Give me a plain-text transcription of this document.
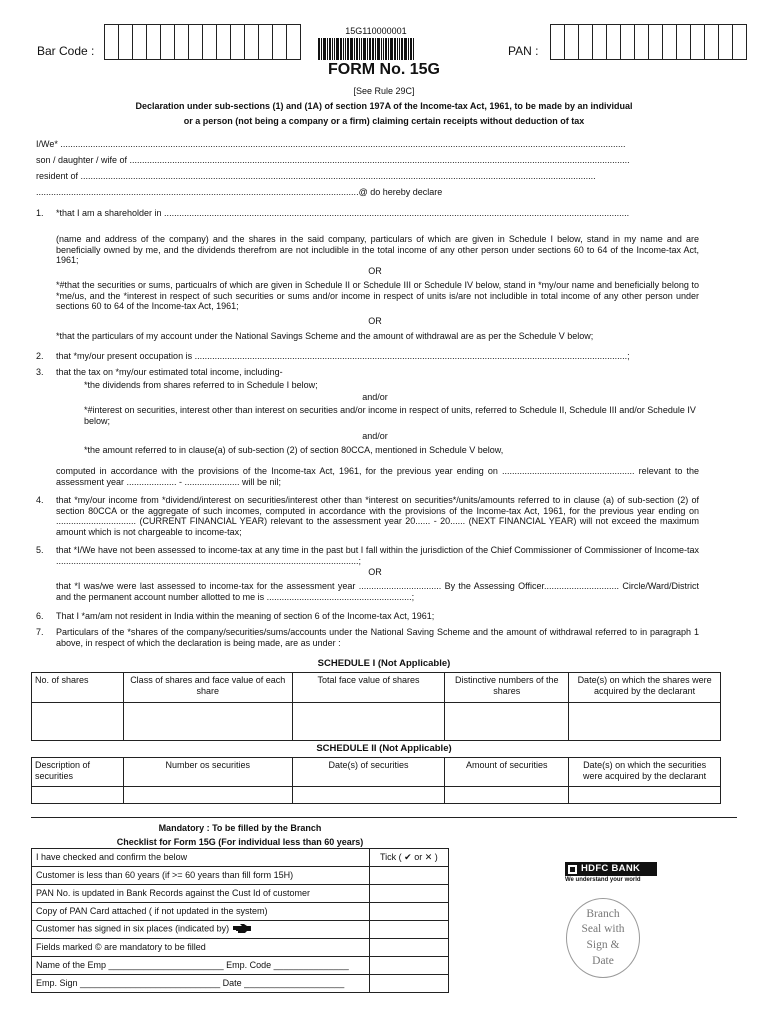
Bar Code :
15G110000001
PAN :
FORM No. 15G
[See Rule 29C]
Declaration under sub-sections (1) and (1A) of section 197A of the Income-tax Act, 1961, to be made by an individual
or a person (not being a company or a firm) claiming certain receipts without deduction of tax
I/We* ..................................................................................................................................................................................................................................
son / daughter / wife of ........................................................................................................................................................................................................
resident of ..............................................................................................................................................................................................................
.................................................................................................................................@ do hereby declare
1. *that I am a shareholder in ..........................................................................................................................................................................................
(name and address of the company) and the shares in the said company, particulars of which are given in Schedule I below, stand in my name and are beneficially owned by me, and the dividends therefrom are not includible in the total income of any other person under sections 60 to 64 of the Income-tax Act, 1961;
OR
*#that the securities or sums, particualrs of which are given in Schedule II or Schedule III or Schedule IV below, stand in *my/our name and beneficially belong to *me/us, and the *interest in respect of such securities or sums and/or income in respect of units is/are not includible in total income of any other person under sections 60 to 64 of the Income-tax Act, 1961;
OR
*that the particulars of my account under the National Savings Scheme and the amount of withdrawal are as per the Schedule V below;
2. that *my/our present occupation is .............................................................................................................................................................................;
3. that the tax on *my/our estimated total income, including-
*the dividends from shares referred to in Schedule I below;
and/or
*#interest on securities, interest other than interest on securities and/or income in respect of units, referred to Schedule II, Schedule III and/or Schedule IV below;
and/or
*the amount referred to in clause(a) of sub-section (2) of section 80CCA, mentioned in Schedule V below,
computed in accordance with the provisions of the Income-tax Act, 1961, for the previous year ending on ..................................................... relevant to the assessment year .................... - ...................... will be nil;
4. that *my/our income from *dividend/interest on securities/interest other than *interest on securities*/units/amounts referred to in clause (a) of sub-section (2) of section 80CCA or the aggregate of such incomes, computed in accordance with the provisions of the Income-tax Act, 1961, for the previous year ending on ................................ (CURRENT FINANCIAL YEAR) relevant to the assessment year 20...... - 20...... (NEXT FINANCIAL YEAR) will not exceed the maximum amount which is not chargeable to income-tax;
5. that *I/We have not been assessed to income-tax at any time in the past but I fall within the jurisdiction of the Chief Commissioner of Commissioner of Income-tax .........................................................................................................................;
OR
that *I was/we were last assessed to income-tax for the assessment year ................................. By the Assessing Officer.............................. Circle/Ward/District and the permanent account number allotted to me is ..........................................................;
6. That I *am/am not resident in India within the meaning of section 6 of the Income-tax Act, 1961;
7. Particulars of the *shares of the company/securities/sums/accounts under the National Saving Scheme and the amount of withdrawal referred to in paragraph 1 above, in respect of which the declaration is being made, are as under :
SCHEDULE I (Not Applicable)
No. of shares	Class of shares and face value of each share	Total face value of shares	Distinctive numbers of the shares	Date(s) on which the shares were acquired by the declarant

SCHEDULE II (Not Applicable)
Description of securities	Number os securities	Date(s) of securities	Amount of securities	Date(s) on which the securities were acquired by the declarant

Mandatory : To be filled by the Branch
Checklist for Form 15G (For individual less than 60 years)
I have checked and confirm the below	Tick ( ✔ or ✕ )
Customer is less than 60 years (if >= 60 years than fill form 15H)	
PAN No. is updated in Bank Records against the Cust Id of customer	
Copy of PAN Card attached ( if not updated in the system)	
Customer has signed in six places (indicated by)	
Fields marked © are mandatory to be filled	
Name of the Emp _______________________ Emp. Code _______________	
Emp. Sign ____________________________ Date ____________________	
HDFC BANK
We understand your world
Branch
Seal with
Sign &
Date
